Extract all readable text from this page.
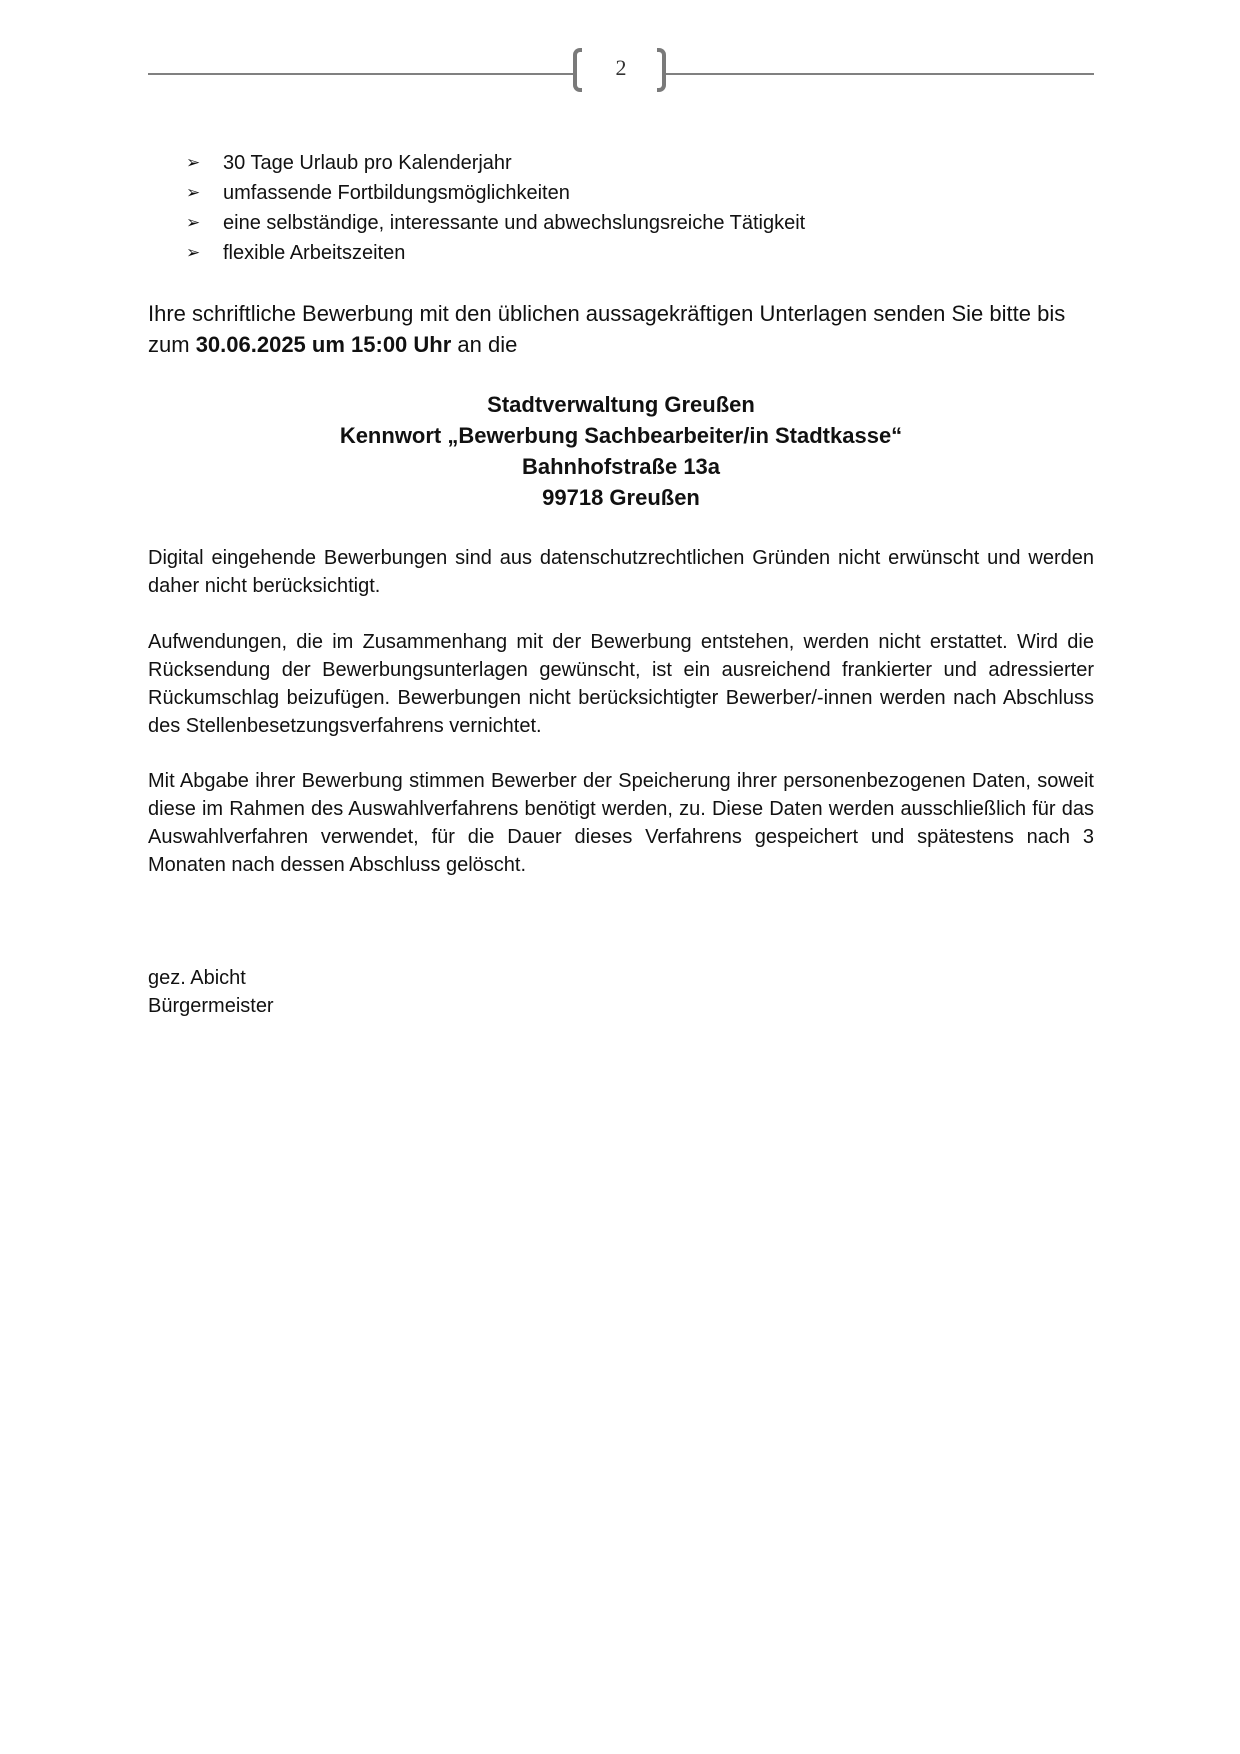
2
➢ 30 Tage Urlaub pro Kalenderjahr
➢ umfassende Fortbildungsmöglichkeiten
➢ eine selbständige, interessante und abwechslungsreiche Tätigkeit
➢ flexible Arbeitszeiten

Ihre schriftliche Bewerbung mit den üblichen aussagekräftigen Unterlagen senden Sie bitte bis
zum 30.06.2025 um 15:00 Uhr an die

Stadtverwaltung Greußen
Kennwort „Bewerbung Sachbearbeiter/in Stadtkasse“
Bahnhofstraße 13a
99718 Greußen

Digital eingehende Bewerbungen sind aus datenschutzrechtlichen Gründen nicht erwünscht und werden daher nicht berücksichtigt.

Aufwendungen, die im Zusammenhang mit der Bewerbung entstehen, werden nicht erstattet. Wird die Rücksendung der Bewerbungsunterlagen gewünscht, ist ein ausreichend frankierter und adressierter Rückumschlag beizufügen. Bewerbungen nicht berücksichtigter Bewerber/-innen werden nach Abschluss des Stellenbesetzungsverfahrens vernichtet.

Mit Abgabe ihrer Bewerbung stimmen Bewerber der Speicherung ihrer personenbezogenen Daten, soweit diese im Rahmen des Auswahlverfahrens benötigt werden, zu. Diese Daten werden ausschließlich für das Auswahlverfahren verwendet, für die Dauer dieses Verfahrens gespeichert und spätestens nach 3 Monaten nach dessen Abschluss gelöscht.

gez. Abicht
Bürgermeister
